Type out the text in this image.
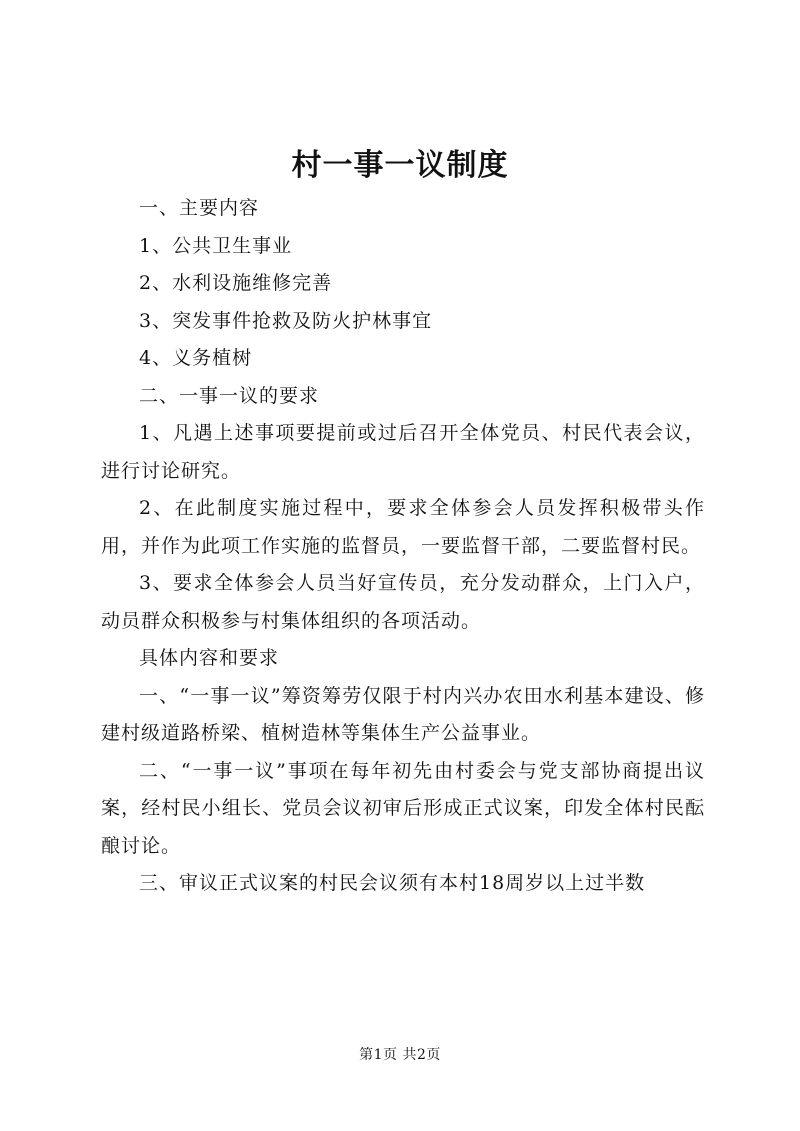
村一事一议制度

一、主要内容

1、公共卫生事业

2、水利设施维修完善

3、突发事件抢救及防火护林事宜

4、义务植树

二、一事一议的要求

1、凡遇上述事项要提前或过后召开全体党员、村民代表会议，进行讨论研究。

2、在此制度实施过程中，要求全体参会人员发挥积极带头作用，并作为此项工作实施的监督员，一要监督干部，二要监督村民。

3、要求全体参会人员当好宣传员，充分发动群众，上门入户，动员群众积极参与村集体组织的各项活动。

具体内容和要求

一、“一事一议”筹资筹劳仅限于村内兴办农田水利基本建设、修建村级道路桥梁、植树造林等集体生产公益事业。

二、“一事一议”事项在每年初先由村委会与党支部协商提出议案，经村民小组长、党员会议初审后形成正式议案，印发全体村民酝酿讨论。

三、审议正式议案的村民会议须有本村18周岁以上过半数

第1页 共2页
